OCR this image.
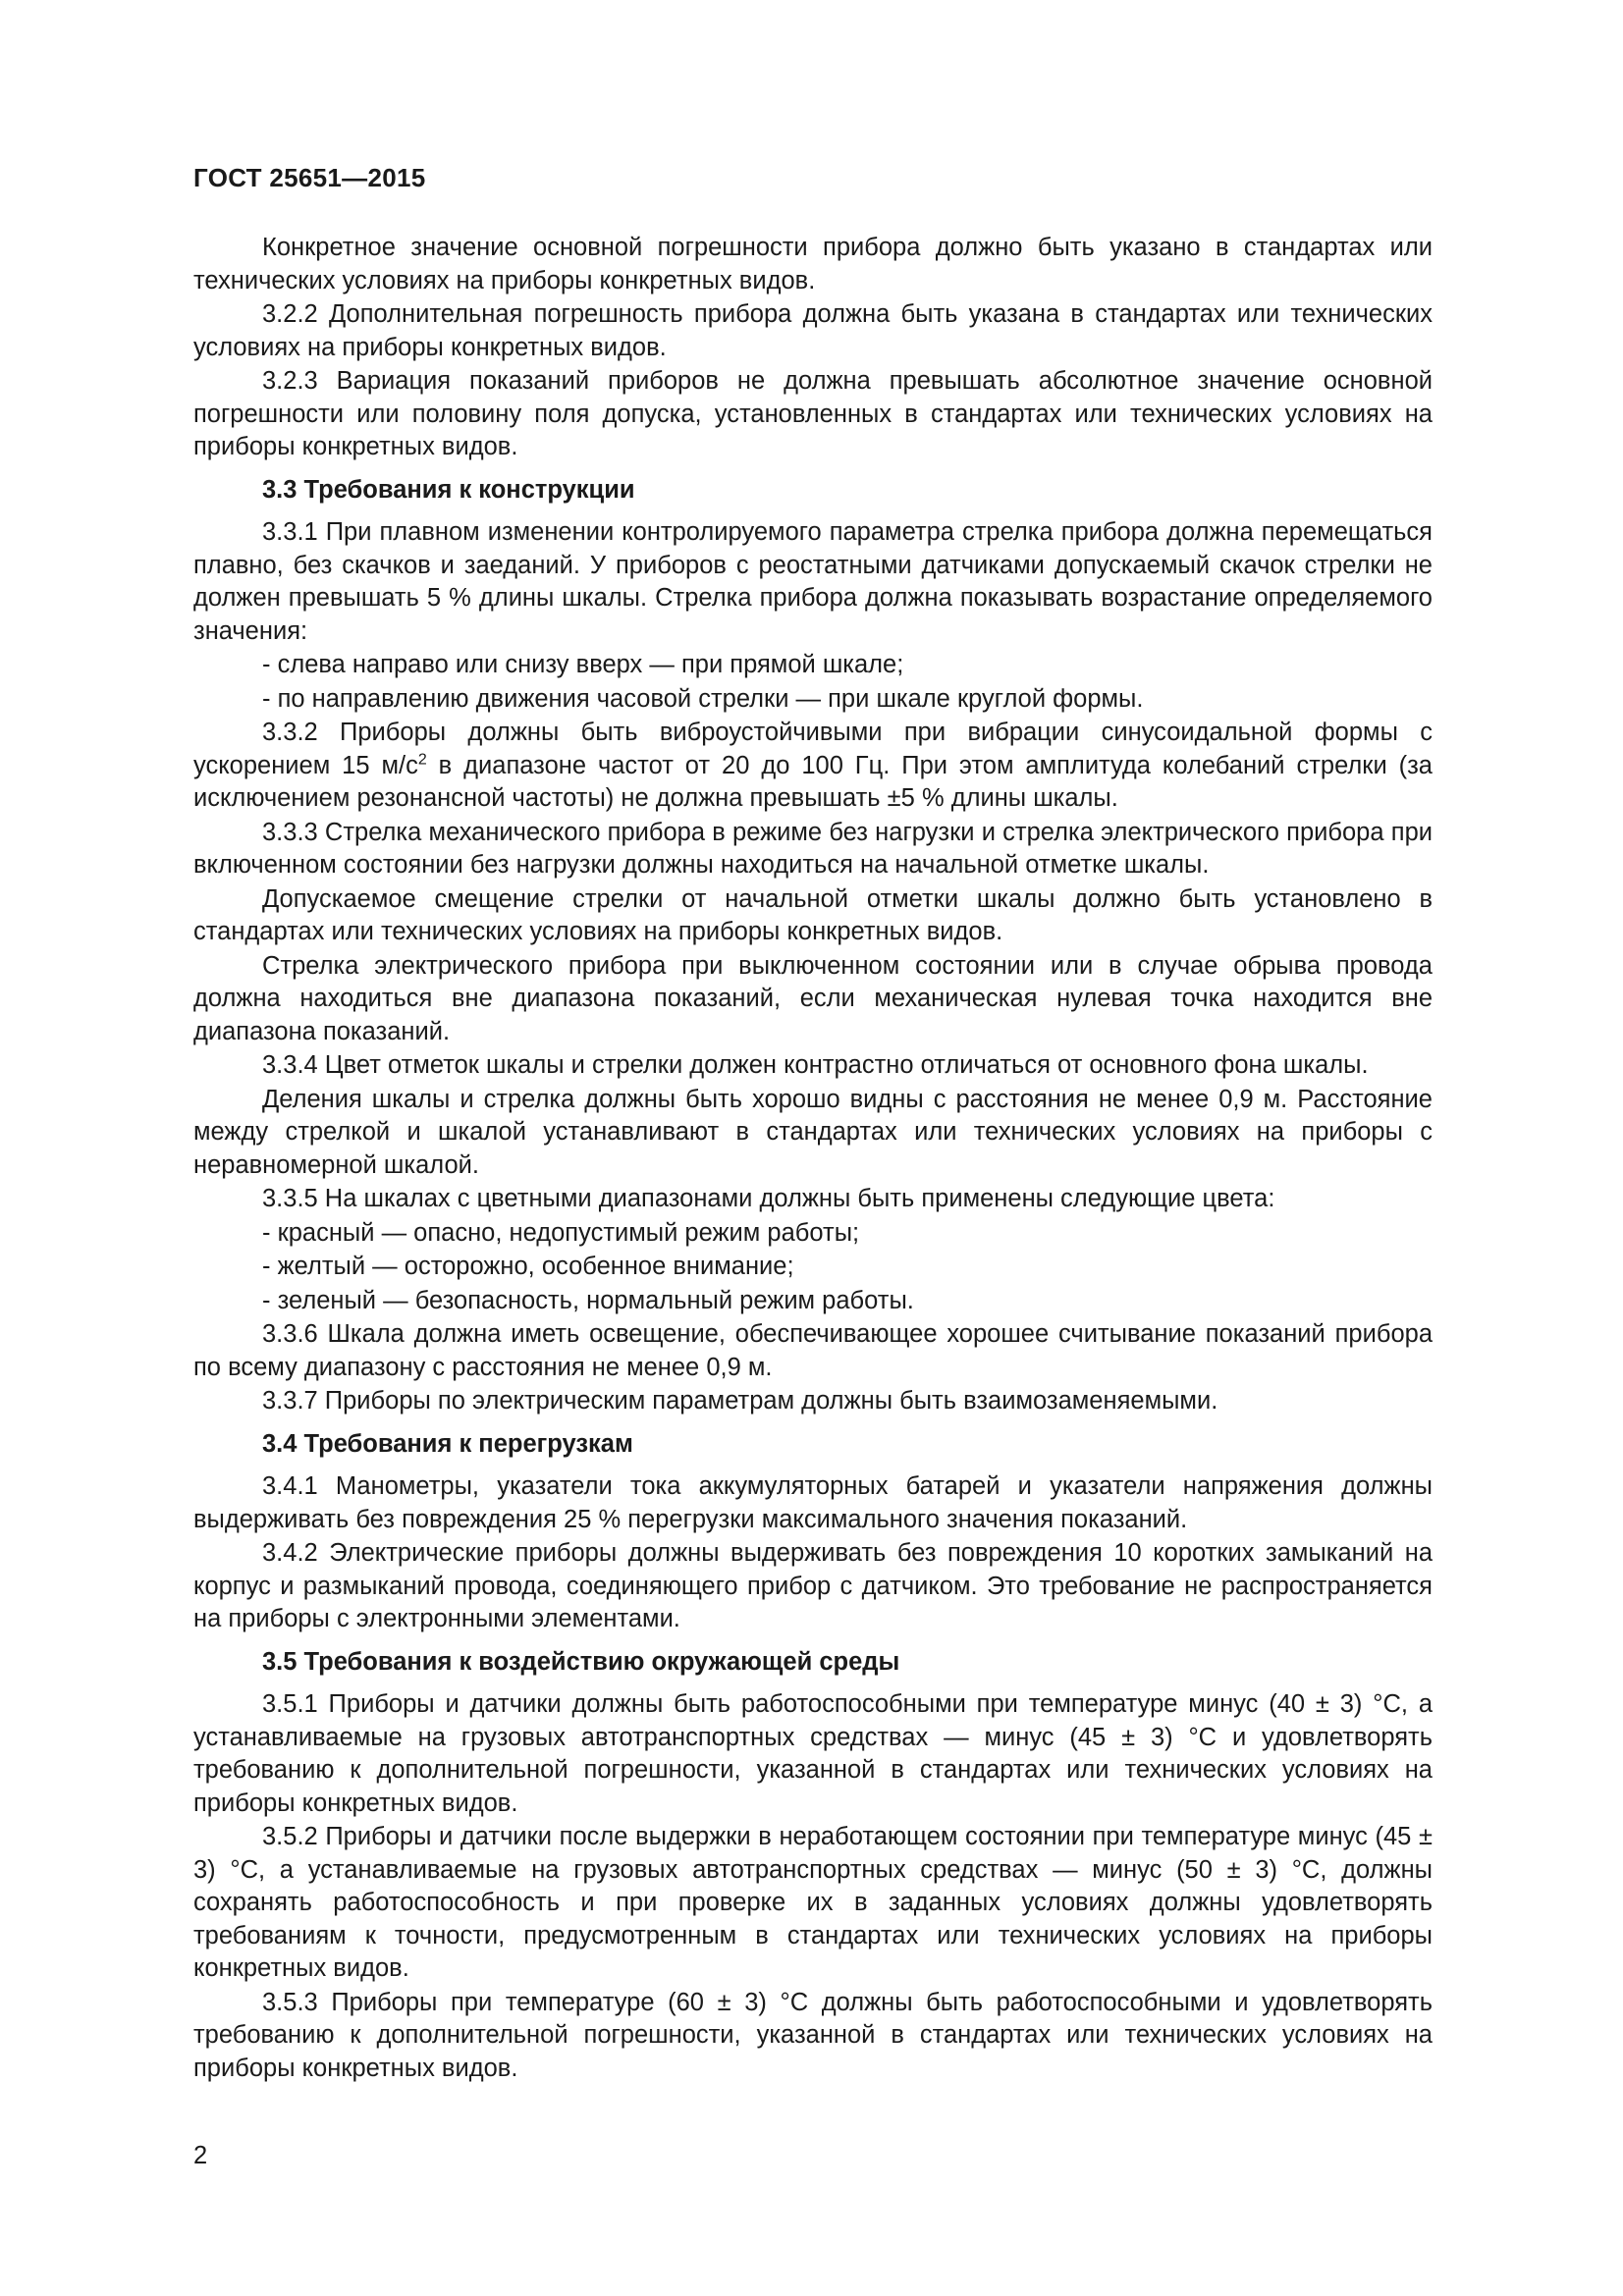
ГОСТ 25651—2015

Конкретное значение основной погрешности прибора должно быть указано в стандартах или технических условиях на приборы конкретных видов.

3.2.2 Дополнительная погрешность прибора должна быть указана в стандартах или технических условиях на приборы конкретных видов.

3.2.3 Вариация показаний приборов не должна превышать абсолютное значение основной погрешности или половину поля допуска, установленных в стандартах или технических условиях на приборы конкретных видов.

3.3 Требования к конструкции

3.3.1 При плавном изменении контролируемого параметра стрелка прибора должна перемещаться плавно, без скачков и заеданий. У приборов с реостатными датчиками допускаемый скачок стрелки не должен превышать 5 % длины шкалы. Стрелка прибора должна показывать возрастание определяемого значения:

- слева направо или снизу вверх — при прямой шкале;

- по направлению движения часовой стрелки — при шкале круглой формы.

3.3.2 Приборы должны быть виброустойчивыми при вибрации синусоидальной формы с ускорением 15 $м/с^2$ в диапазоне частот от 20 до 100 Гц. При этом амплитуда колебаний стрелки (за исключением резонансной частоты) не должна превышать ±5 % длины шкалы.

3.3.3 Стрелка механического прибора в режиме без нагрузки и стрелка электрического прибора при включенном состоянии без нагрузки должны находиться на начальной отметке шкалы.

Допускаемое смещение стрелки от начальной отметки шкалы должно быть установлено в стандартах или технических условиях на приборы конкретных видов.

Стрелка электрического прибора при выключенном состоянии или в случае обрыва провода должна находиться вне диапазона показаний, если механическая нулевая точка находится вне диапазона показаний.

3.3.4 Цвет отметок шкалы и стрелки должен контрастно отличаться от основного фона шкалы.

Деления шкалы и стрелка должны быть хорошо видны с расстояния не менее 0,9 м. Расстояние между стрелкой и шкалой устанавливают в стандартах или технических условиях на приборы с неравномерной шкалой.

3.3.5 На шкалах с цветными диапазонами должны быть применены следующие цвета:

- красный — опасно, недопустимый режим работы;

- желтый — осторожно, особенное внимание;

- зеленый — безопасность, нормальный режим работы.

3.3.6 Шкала должна иметь освещение, обеспечивающее хорошее считывание показаний прибора по всему диапазону с расстояния не менее 0,9 м.

3.3.7 Приборы по электрическим параметрам должны быть взаимозаменяемыми.

3.4 Требования к перегрузкам

3.4.1 Манометры, указатели тока аккумуляторных батарей и указатели напряжения должны выдерживать без повреждения 25 % перегрузки максимального значения показаний.

3.4.2 Электрические приборы должны выдерживать без повреждения 10 коротких замыканий на корпус и размыканий провода, соединяющего прибор с датчиком. Это требование не распространяется на приборы с электронными элементами.

3.5 Требования к воздействию окружающей среды

3.5.1 Приборы и датчики должны быть работоспособными при температуре минус (40 ± 3) °С, а устанавливаемые на грузовых автотранспортных средствах — минус (45 ± 3) °С и удовлетворять требованию к дополнительной погрешности, указанной в стандартах или технических условиях на приборы конкретных видов.

3.5.2 Приборы и датчики после выдержки в неработающем состоянии при температуре минус (45 ± 3) °С, а устанавливаемые на грузовых автотранспортных средствах — минус (50 ± 3) °С, должны сохранять работоспособность и при проверке их в заданных условиях должны удовлетворять требованиям к точности, предусмотренным в стандартах или технических условиях на приборы конкретных видов.

3.5.3 Приборы при температуре (60 ± 3) °С должны быть работоспособными и удовлетворять требованию к дополнительной погрешности, указанной в стандартах или технических условиях на приборы конкретных видов.

2
